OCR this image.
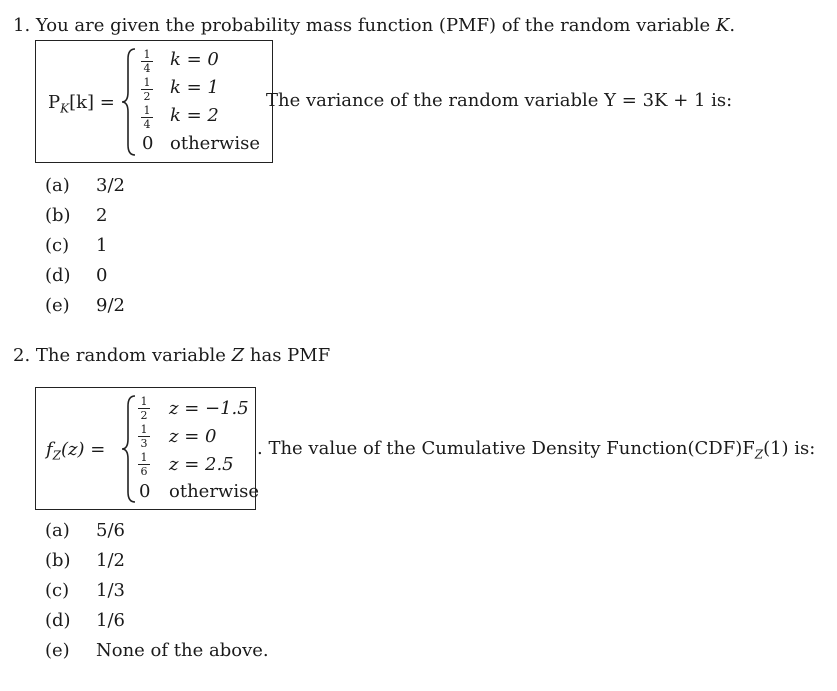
1. You are given the probability mass function (PMF) of the random variable K.
$P_K[k]$ =
1
4 k = 0
1
2 k = 1
1
4 k = 2
0 otherwise
The variance of the random variable Y = 3K + 1 is:
(a) 3/2
(b) 2
(c) 1
(d) 0
(e) 9/2
2. The random variable Z has PMF
$f_Z(z)$ =
1
2 z = −1.5
1
3 z = 0
1
6 z = 2.5
0 otherwise
. The value of the Cumulative Density $Function(CDF)F_Z(1)$ is:
(a) 5/6
(b) 1/2
(c) 1/3
(d) 1/6
(e) None of the above.
